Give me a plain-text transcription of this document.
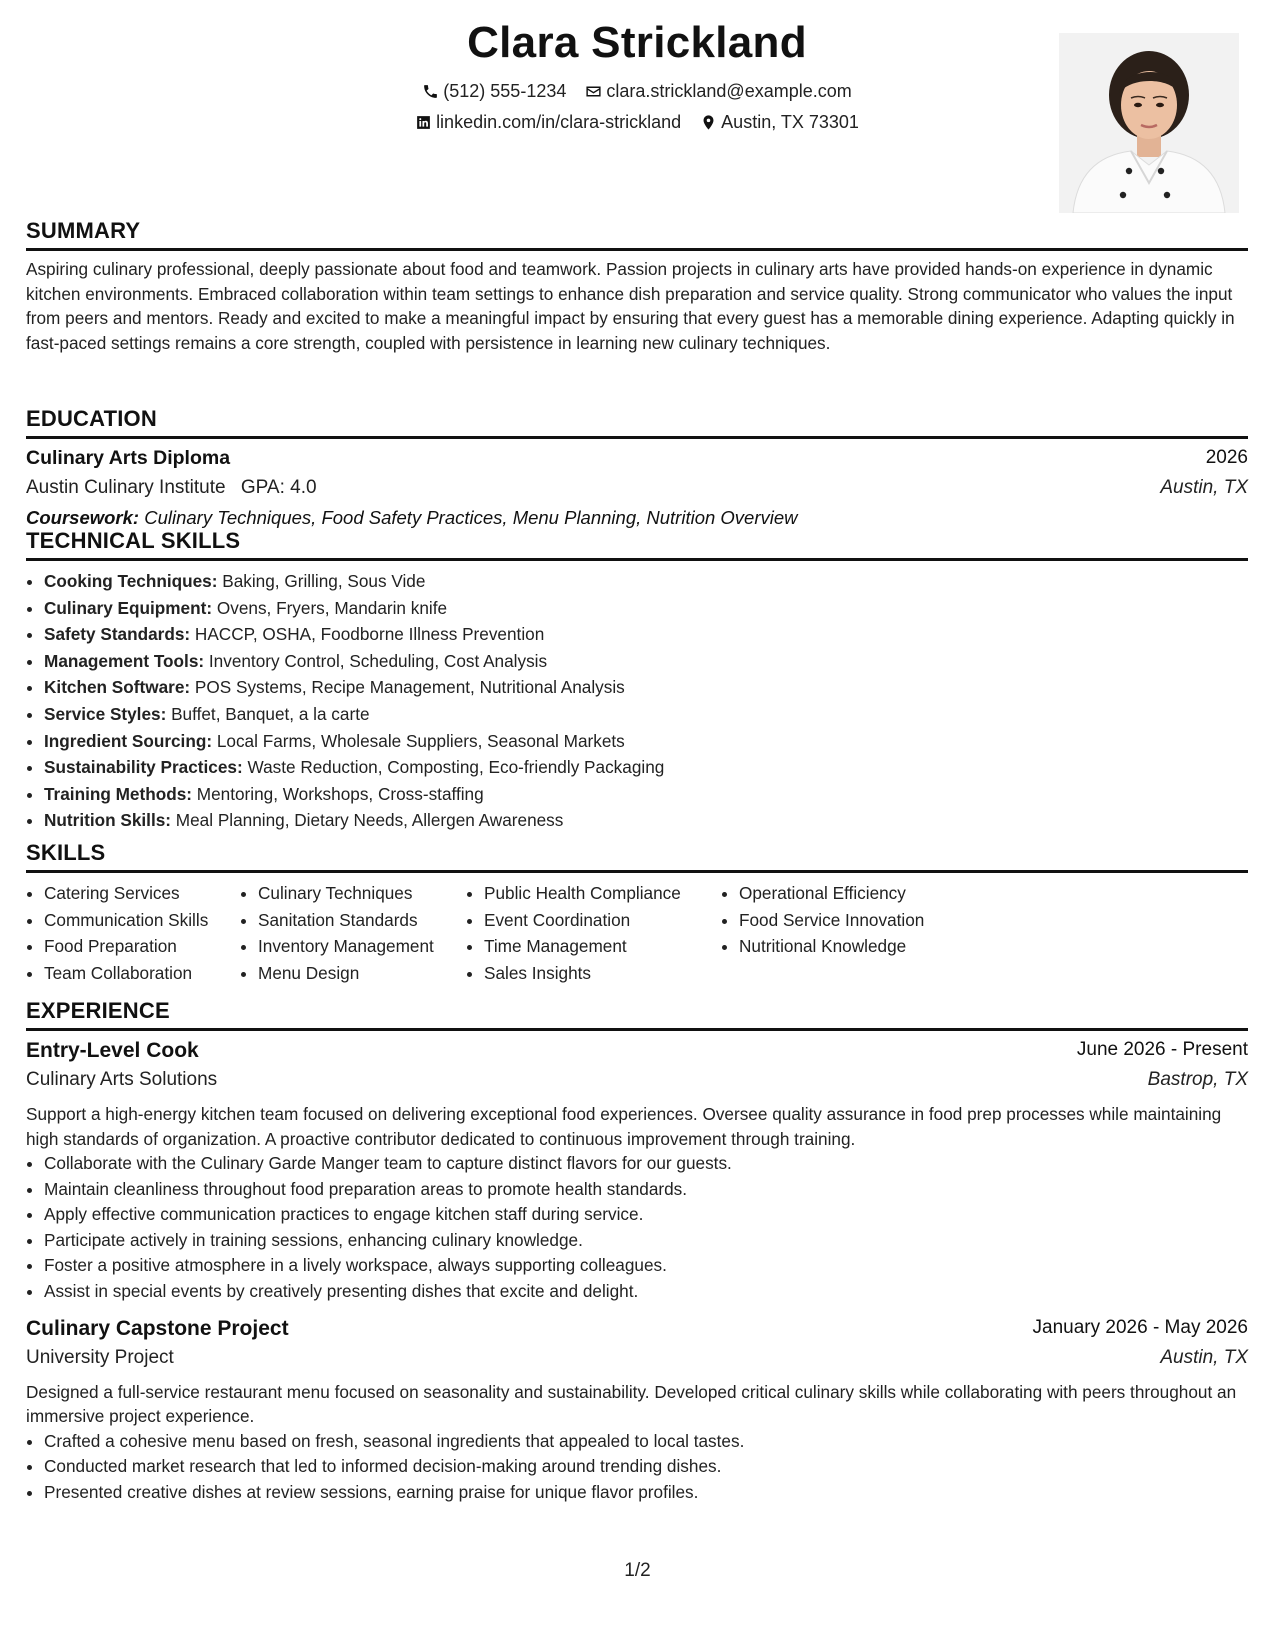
Clara Strickland
(512) 555-1234
clara.strickland@example.com
linkedin.com/in/clara-strickland
Austin, TX 73301
SUMMARY

Aspiring culinary professional, deeply passionate about food and teamwork. Passion projects in culinary arts have provided hands-on experience in dynamic kitchen environments. Embraced collaboration within team settings to enhance dish preparation and service quality. Strong communicator who values the input from peers and mentors. Ready and excited to make a meaningful impact by ensuring that every guest has a memorable dining experience. Adapting quickly in fast-paced settings remains a core strength, coupled with persistence in learning new culinary techniques.

EDUCATION
Culinary Arts Diploma	2026
Austin Culinary Institute GPA: 4.0	Austin, TX
Coursework: Culinary Techniques, Food Safety Practices, Menu Planning, Nutrition Overview
TECHNICAL SKILLS
• Cooking Techniques: Baking, Grilling, Sous Vide
• Culinary Equipment: Ovens, Fryers, Mandarin knife
• Safety Standards: HACCP, OSHA, Foodborne Illness Prevention
• Management Tools: Inventory Control, Scheduling, Cost Analysis
• Kitchen Software: POS Systems, Recipe Management, Nutritional Analysis
• Service Styles: Buffet, Banquet, a la carte
• Ingredient Sourcing: Local Farms, Wholesale Suppliers, Seasonal Markets
• Sustainability Practices: Waste Reduction, Composting, Eco-friendly Packaging
• Training Methods: Mentoring, Workshops, Cross-staffing
• Nutrition Skills: Meal Planning, Dietary Needs, Allergen Awareness
SKILLS
• Catering Services
• Communication Skills
• Food Preparation
• Team Collaboration
• Culinary Techniques
• Sanitation Standards
• Inventory Management
• Menu Design
• Public Health Compliance
• Event Coordination
• Time Management
• Sales Insights
• Operational Efficiency
• Food Service Innovation
• Nutritional Knowledge
EXPERIENCE
Entry-Level Cook	June 2026 - Present
Culinary Arts Solutions	Bastrop, TX

Support a high-energy kitchen team focused on delivering exceptional food experiences. Oversee quality assurance in food prep processes while maintaining high standards of organization. A proactive contributor dedicated to continuous improvement through training.

• Collaborate with the Culinary Garde Manger team to capture distinct flavors for our guests.
• Maintain cleanliness throughout food preparation areas to promote health standards.
• Apply effective communication practices to engage kitchen staff during service.
• Participate actively in training sessions, enhancing culinary knowledge.
• Foster a positive atmosphere in a lively workspace, always supporting colleagues.
• Assist in special events by creatively presenting dishes that excite and delight.
Culinary Capstone Project	January 2026 - May 2026
University Project	Austin, TX

Designed a full-service restaurant menu focused on seasonality and sustainability. Developed critical culinary skills while collaborating with peers throughout an immersive project experience.

• Crafted a cohesive menu based on fresh, seasonal ingredients that appealed to local tastes.
• Conducted market research that led to informed decision-making around trending dishes.
• Presented creative dishes at review sessions, earning praise for unique flavor profiles.
1/2
